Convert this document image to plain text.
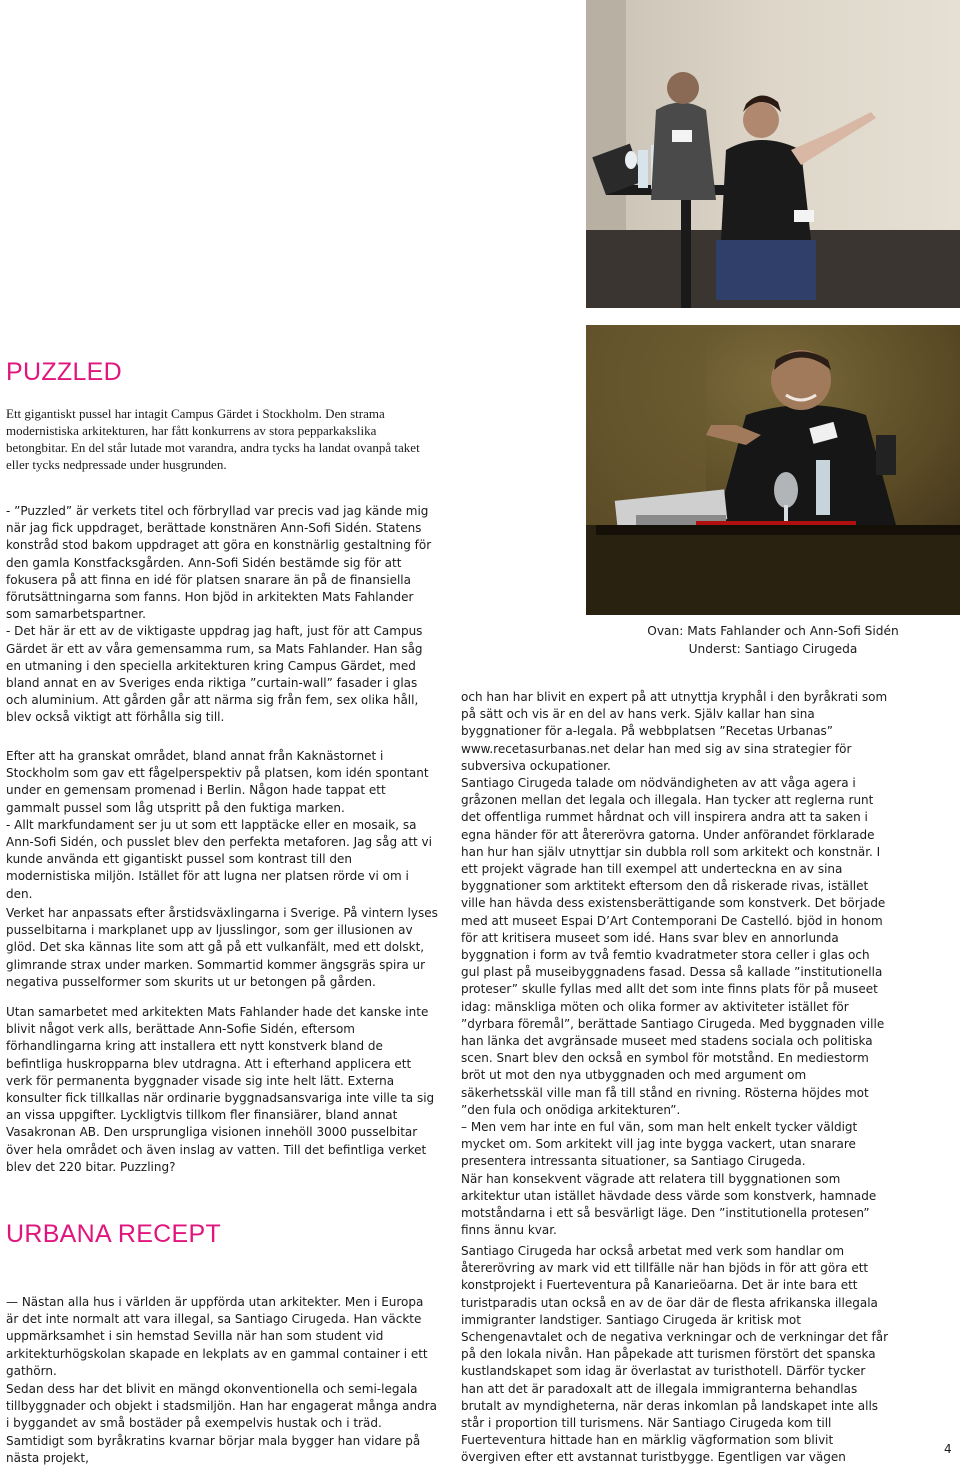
Ovan: Mats Fahlander och Ann-Sofi Sidén
Underst: Santiago Cirugeda
PUZZLED

Ett gigantiskt pussel har intagit Campus Gärdet i Stockholm. Den strama modernistiska arkitekturen, har fått konkurrens av stora pepparkakslika betongbitar. En del står lutade mot varandra, andra tycks ha landat ovanpå taket eller tycks nedpressade under husgrunden.

- ”Puzzled” är verkets titel och förbryllad var precis vad jag kände mig när jag fick uppdraget, berättade konstnären Ann-Sofi Sidén. Statens konstråd stod bakom uppdraget att göra en konstnärlig gestaltning för den gamla Konstfacksgården. Ann-Sofi Sidén bestämde sig för att fokusera på att finna en idé för platsen snarare än på de finansiella förutsättningarna som fanns. Hon bjöd in arkitekten Mats Fahlander som samarbetspartner.
- Det här är ett av de viktigaste uppdrag jag haft, just för att Campus Gärdet är ett av våra gemensamma rum, sa Mats Fahlander. Han såg en utmaning i den speciella arkitekturen kring Campus Gärdet, med bland annat en av Sveriges enda riktiga ”curtain-wall” fasader i glas och aluminium. Att gården går att närma sig från fem, sex olika håll, blev också viktigt att förhålla sig till.

Efter att ha granskat området, bland annat från Kaknästornet i Stockholm som gav ett fågelperspektiv på platsen, kom idén spontant under en gemensam promenad i Berlin. Någon hade tappat ett gammalt pussel som låg utspritt på den fuktiga marken.
- Allt markfundament ser ju ut som ett lapptäcke eller en mosaik, sa Ann-Sofi Sidén, och pusslet blev den perfekta metaforen. Jag såg att vi kunde använda ett gigantiskt pussel som kontrast till den modernistiska miljön. Istället för att lugna ner platsen rörde vi om i den.

Verket har anpassats efter årstidsväxlingarna i Sverige. På vintern lyses pusselbitarna i markplanet upp av ljusslingor, som ger illusionen av glöd. Det ska kännas lite som att gå på ett vulkanfält, med ett dolskt, glimrande strax under marken. Sommartid kommer ängsgräs spira ur negativa pusselformer som skurits ut ur betongen på gården.

Utan samarbetet med arkitekten Mats Fahlander hade det kanske inte blivit något verk alls, berättade Ann-Sofie Sidén, eftersom förhandlingarna kring att installera ett nytt konstverk bland de befintliga huskropparna blev utdragna. Att i efterhand applicera ett verk för permanenta byggnader visade sig inte helt lätt. Externa konsulter fick tillkallas när ordinarie byggnadsansvariga inte ville ta sig an vissa uppgifter. Lyckligtvis tillkom fler finansiärer, bland annat Vasakronan AB. Den ursprungliga visionen innehöll 3000 pusselbitar över hela området och även inslag av vatten. Till det befintliga verket blev det 220 bitar. Puzzling?

URBANA RECEPT

— Nästan alla hus i världen är uppförda utan arkitekter. Men i Europa är det inte normalt att vara illegal, sa Santiago Cirugeda. Han väckte uppmärksamhet i sin hemstad Sevilla när han som student vid arkitekturhögskolan skapade en lekplats av en gammal container i ett gathörn.

Sedan dess har det blivit en mängd okonventionella och semi-legala tillbyggnader och objekt i stadsmiljön. Han har engagerat många andra i byggandet av små bostäder på exempelvis hustak och i träd. Samtidigt som byråkratins kvarnar börjar mala bygger han vidare på nästa projekt,

och han har blivit en expert på att utnyttja kryphål i den byråkrati som på sätt och vis är en del av hans verk. Själv kallar han sina byggnationer för a-legala. På webbplatsen ”Recetas Urbanas” www.recetasurbanas.net delar han med sig av sina strategier för subversiva ockupationer.

Santiago Cirugeda talade om nödvändigheten av att våga agera i gråzonen mellan det legala och illegala. Han tycker att reglerna runt det offentliga rummet hårdnat och vill inspirera andra att ta saken i egna händer för att återerövra gatorna. Under anförandet förklarade han hur han själv utnyttjar sin dubbla roll som arkitekt och konstnär. I ett projekt vägrade han till exempel att underteckna en av sina byggnationer som arktitekt eftersom den då riskerade rivas, istället ville han hävda dess existensberättigande som konstverk. Det började med att museet Espai D’Art Contemporani De Castelló. bjöd in honom för att kritisera museet som idé. Hans svar blev en annorlunda byggnation i form av två femtio kvadratmeter stora celler i glas och gul plast på museibyggnadens fasad. Dessa så kallade ”institutionella proteser” skulle fyllas med allt det som inte finns plats för på museet idag: mänskliga möten och olika former av aktiviteter istället för ”dyrbara föremål”, berättade Santiago Cirugeda. Med byggnaden ville han länka det avgränsade museet med stadens sociala och politiska scen. Snart blev den också en symbol för motstånd. En mediestorm bröt ut mot den nya utbyggnaden och med argument om säkerhetsskäl ville man få till stånd en rivning. Rösterna höjdes mot ”den fula och onödiga arkitekturen”.
– Men vem har inte en ful vän, som man helt enkelt tycker väldigt mycket om. Som arkitekt vill jag inte bygga vackert, utan snarare presentera intressanta situationer, sa Santiago Cirugeda.
När han konsekvent vägrade att relatera till byggnationen som arkitektur utan istället hävdade dess värde som konstverk, hamnade motståndarna i ett så besvärligt läge. Den ”institutionella protesen” finns ännu kvar.

Santiago Cirugeda har också arbetat med verk som handlar om återerövring av mark vid ett tillfälle när han bjöds in för att göra ett konstprojekt i Fuerteventura på Kanarieöarna. Det är inte bara ett turistparadis utan också en av de öar där de flesta afrikanska illegala immigranter landstiger. Santiago Cirugeda är kritisk mot Schengenavtalet och de negativa verkningar och de verkningar det får på den lokala nivån. Han påpekade att turismen förstört det spanska kustlandskapet som idag är överlastat av turisthotell. Därför tycker han att det är paradoxalt att de illegala immigranterna behandlas brutalt av myndigheterna, när deras inkomlan på landskapet inte alls står i proportion till turismens. När Santiago Cirugeda kom till Fuerteventura hittade han en märklig vägformation som blivit övergiven efter ett avstannat turistbygge. Egentligen var vägen

4
